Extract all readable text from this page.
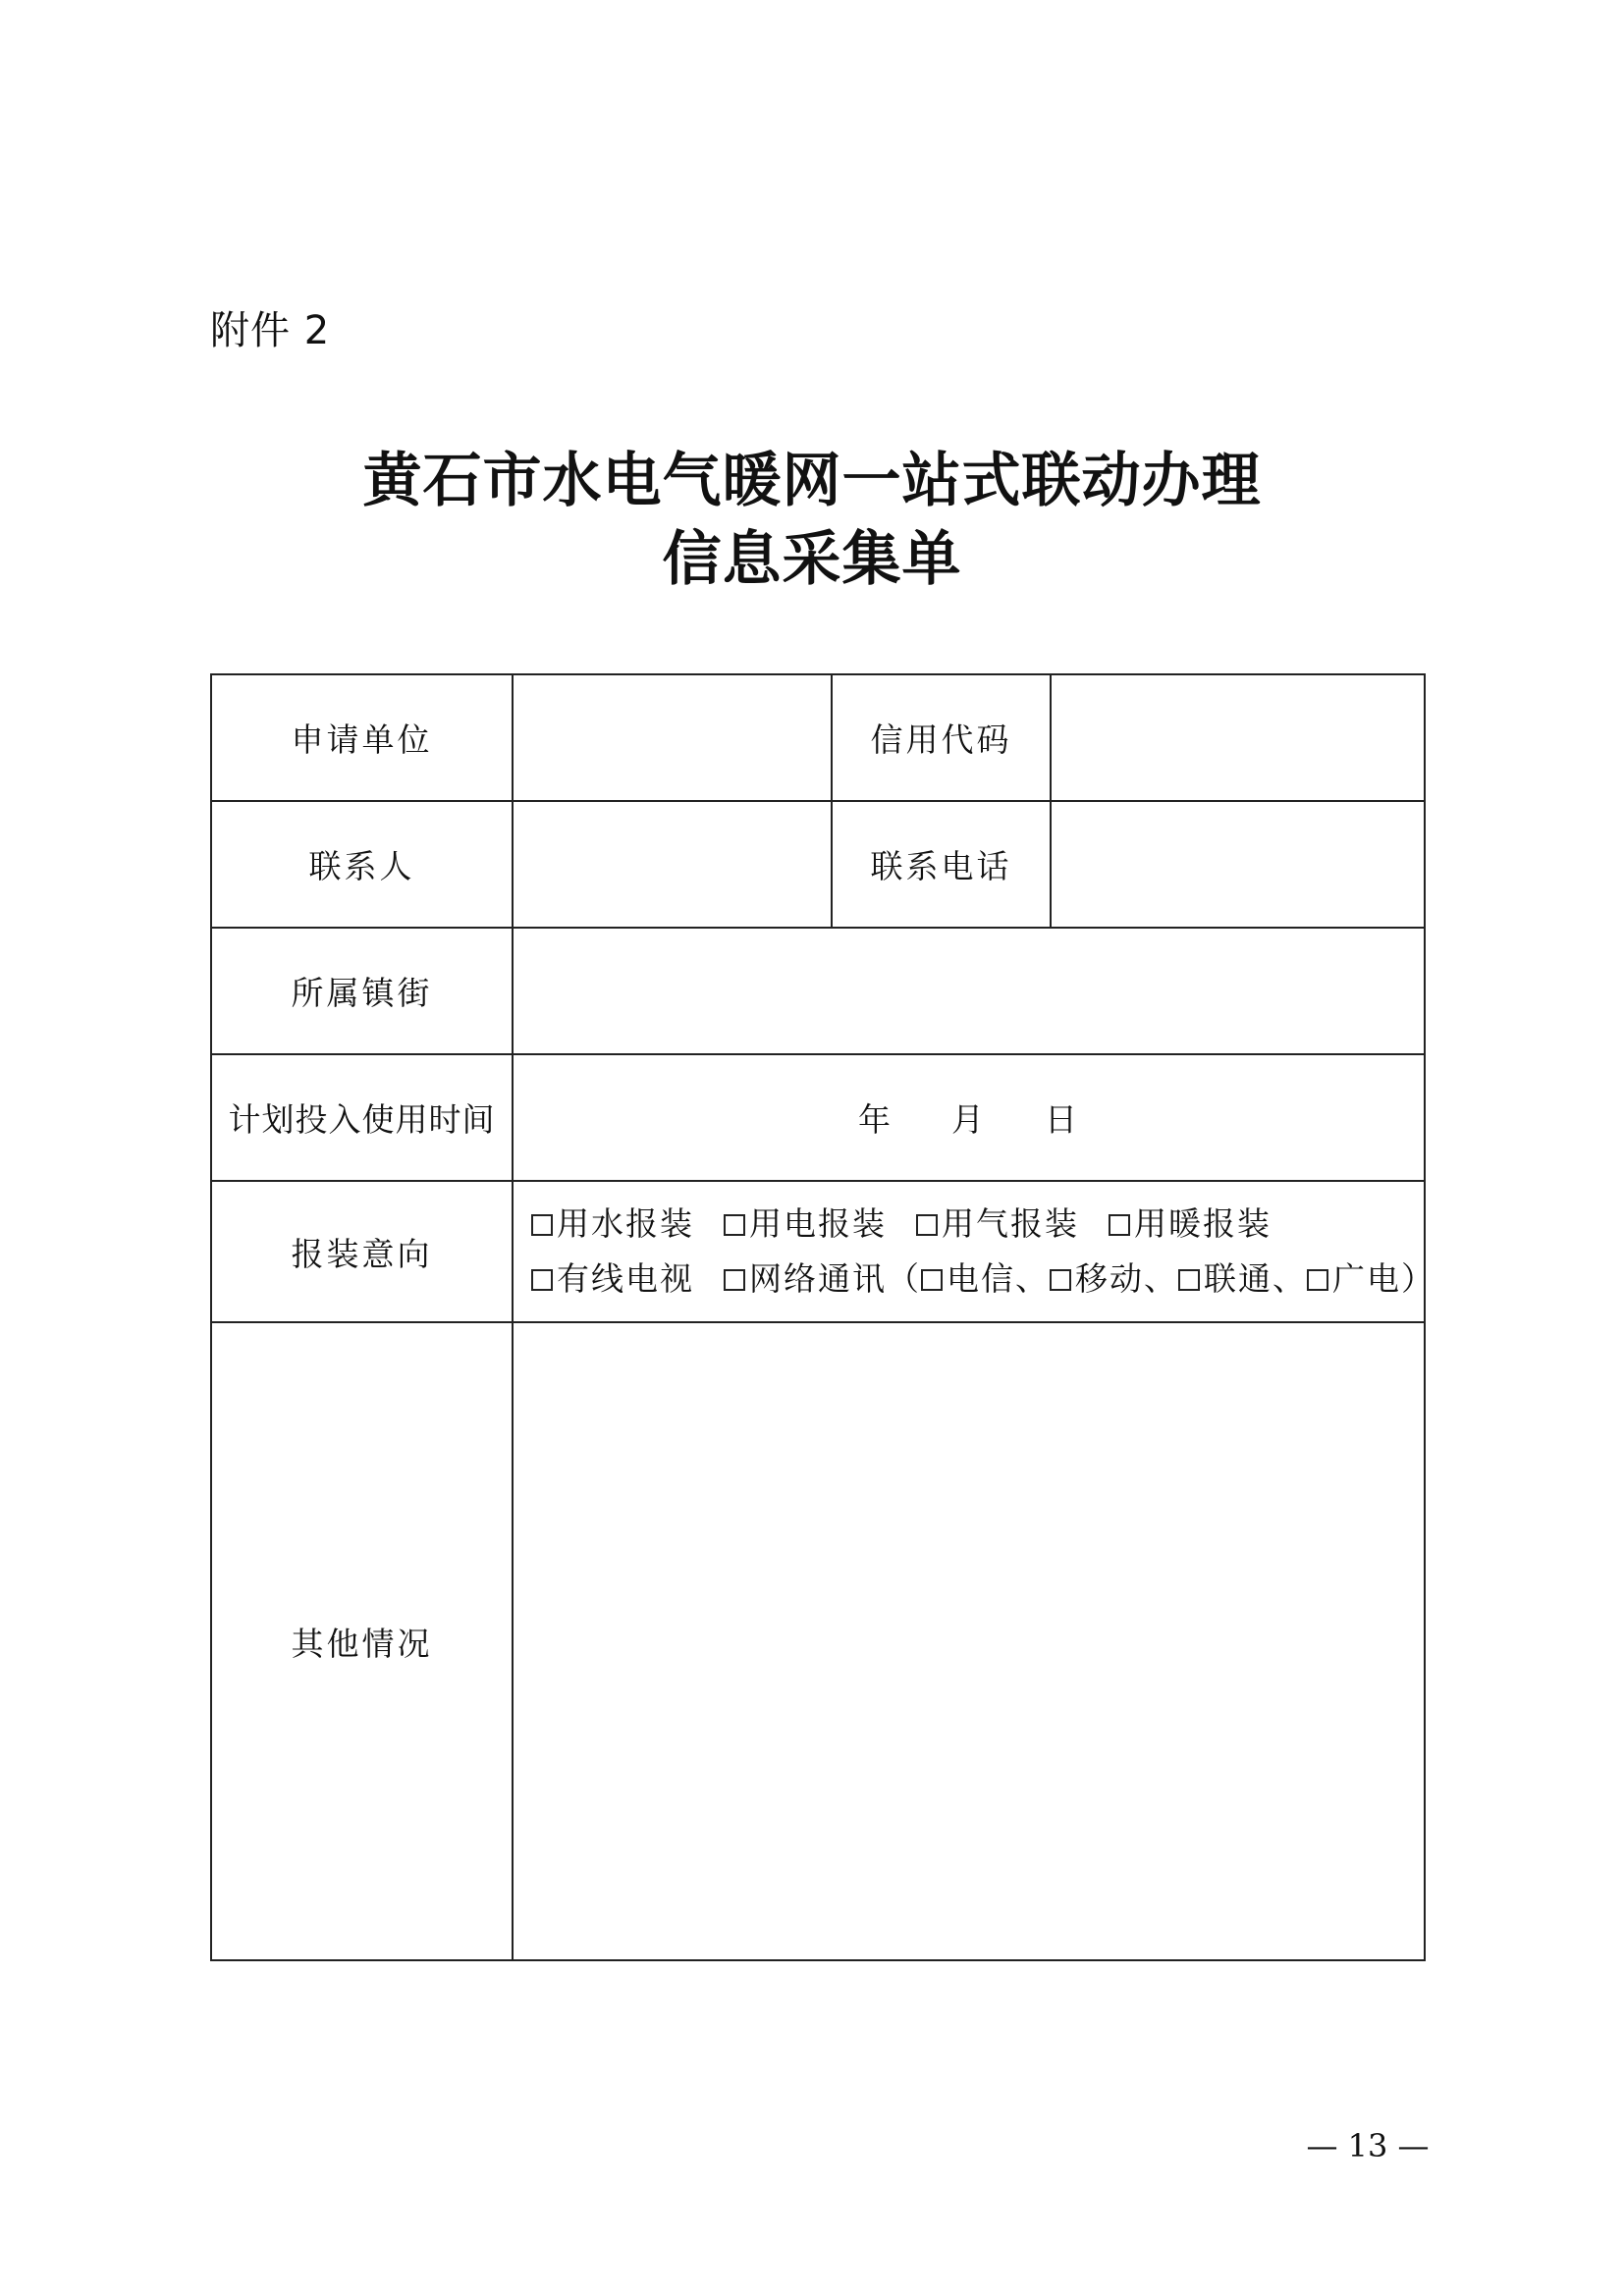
附件 2
黄石市水电气暖网一站式联动办理
信息采集单
申请单位		信用代码	
联系人		联系电话	
所属镇街			
计划投入使用时间	年 月 日		
报装意向	用水报装 用电报装 用气报装 用暖报装
有线电视 网络通讯（ 电信、 移动、 联通、 广电）		

其他情况			
— 13 —
